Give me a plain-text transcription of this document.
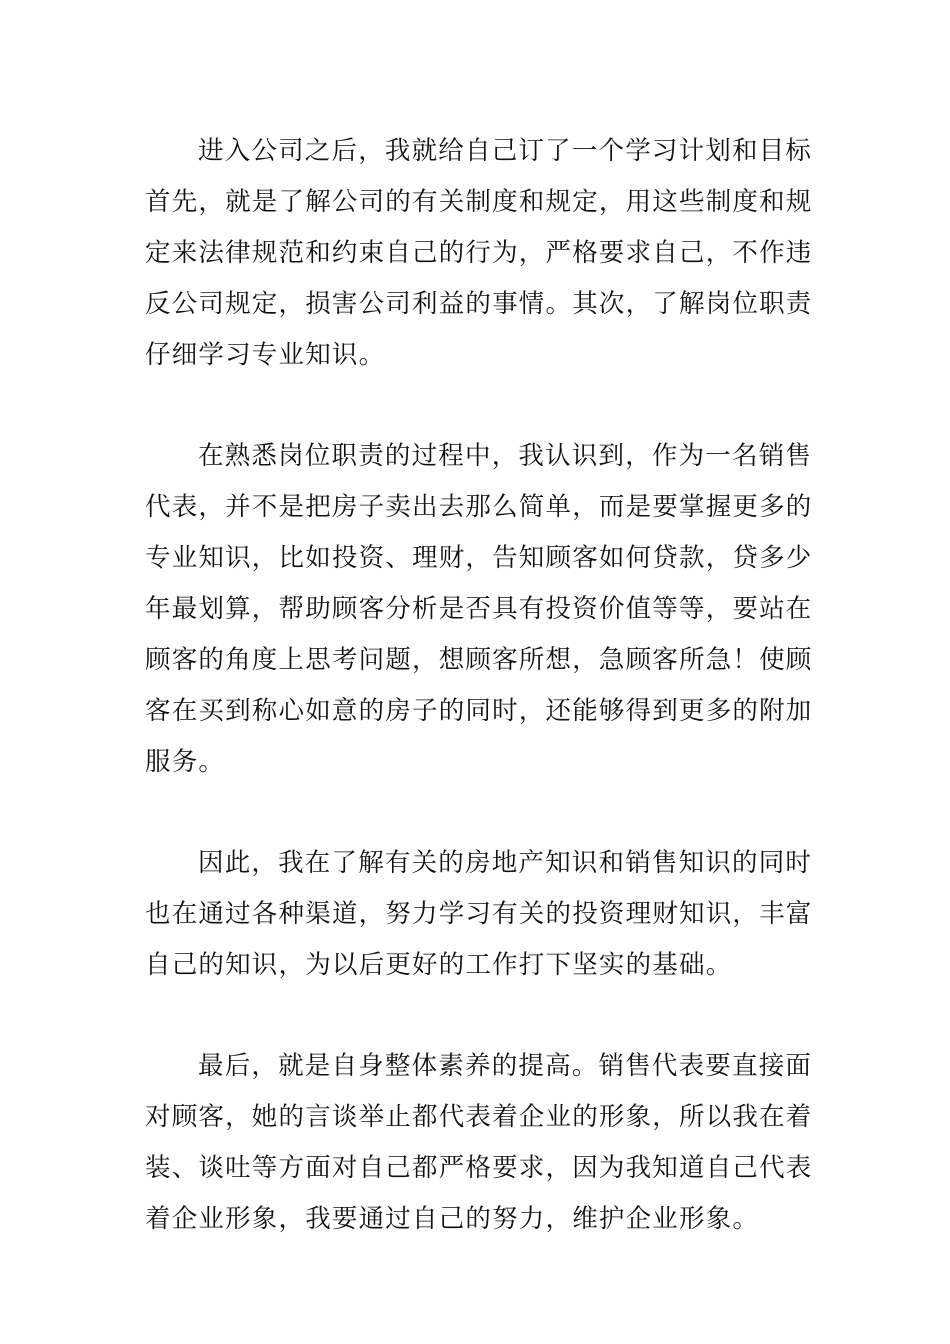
进入公司之后，我就给自己订了一个学习计划和目标
首先，就是了解公司的有关制度和规定，用这些制度和规
定来法律规范和约束自己的行为，严格要求自己，不作违
反公司规定，损害公司利益的事情。其次，了解岗位职责
仔细学习专业知识。

在熟悉岗位职责的过程中，我认识到，作为一名销售
代表，并不是把房子卖出去那么简单，而是要掌握更多的
专业知识，比如投资、理财，告知顾客如何贷款，贷多少
年最划算，帮助顾客分析是否具有投资价值等等，要站在
顾客的角度上思考问题，想顾客所想，急顾客所急！使顾
客在买到称心如意的房子的同时，还能够得到更多的附加
服务。

因此，我在了解有关的房地产知识和销售知识的同时
也在通过各种渠道，努力学习有关的投资理财知识，丰富
自己的知识，为以后更好的工作打下坚实的基础。

最后，就是自身整体素养的提高。销售代表要直接面
对顾客，她的言谈举止都代表着企业的形象，所以我在着
装、谈吐等方面对自己都严格要求，因为我知道自己代表
着企业形象，我要通过自己的努力，维护企业形象。
